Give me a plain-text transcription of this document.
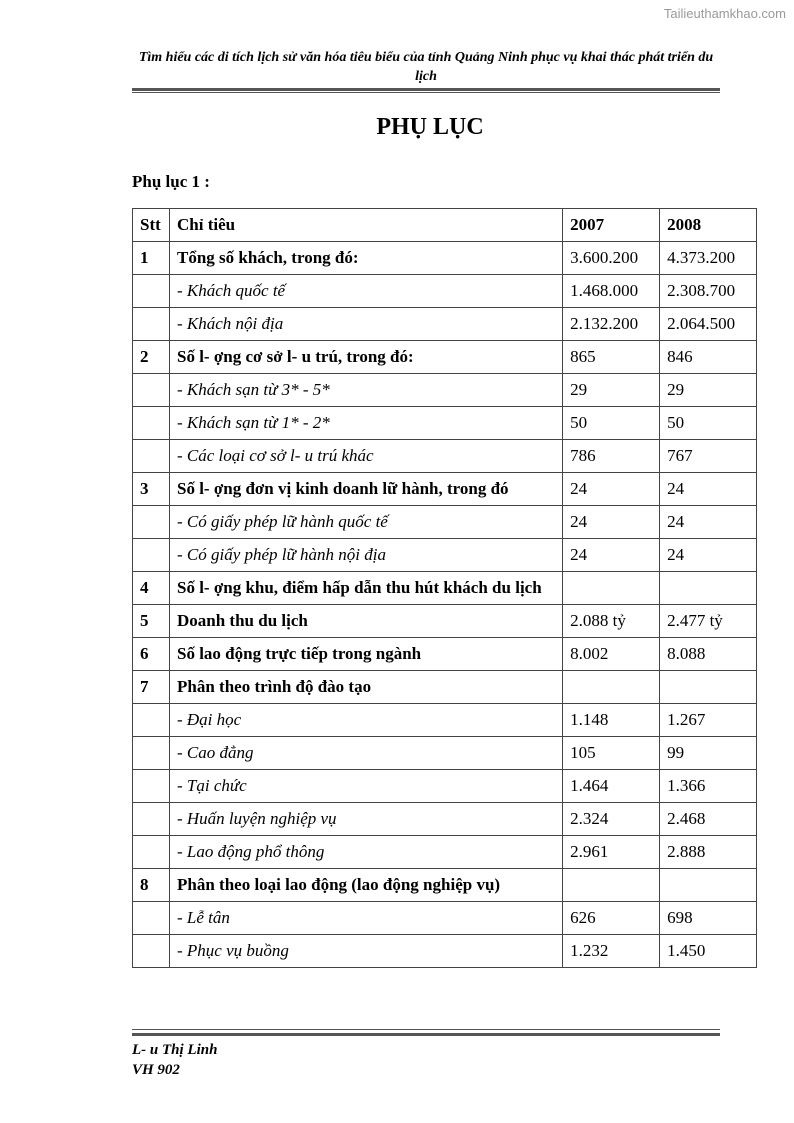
Tailieuthamkhao.com
Tìm hiểu các di tích lịch sử văn hóa tiêu biểu của tỉnh Quảng Ninh phục vụ khai thác phát triển du lịch
PHỤ LỤC
Phụ lục 1 :
Stt	Chỉ tiêu	2007	2008
1	Tổng số khách, trong đó:	3.600.200	4.373.200
	- Khách quốc tế	1.468.000	2.308.700
	- Khách nội địa	2.132.200	2.064.500
2	Số l- ợng cơ sở l- u trú, trong đó:	865	846
	- Khách sạn từ 3* - 5*	29	29
	- Khách sạn từ 1* - 2*	50	50
	- Các loại cơ sở l- u trú khác	786	767
3	Số l- ợng đơn vị kinh doanh lữ hành, trong đó	24	24
	- Có giấy phép lữ hành quốc tế	24	24
	- Có giấy phép lữ hành nội địa	24	24
4	Số l- ợng khu, điểm hấp dẫn thu hút khách du lịch		
5	Doanh thu du lịch	2.088 tỷ	2.477 tỷ
6	Số lao động trực tiếp trong ngành	8.002	8.088
7	Phân theo trình độ đào tạo		
	- Đại học	1.148	1.267
	- Cao đẳng	105	99
	- Tại chức	1.464	1.366
	- Huấn luyện nghiệp vụ	2.324	2.468
	- Lao động phổ thông	2.961	2.888
8	Phân theo loại lao động (lao động nghiệp vụ)		
	- Lễ tân	626	698
	- Phục vụ buồng	1.232	1.450
L- u Thị Linh
VH 902
